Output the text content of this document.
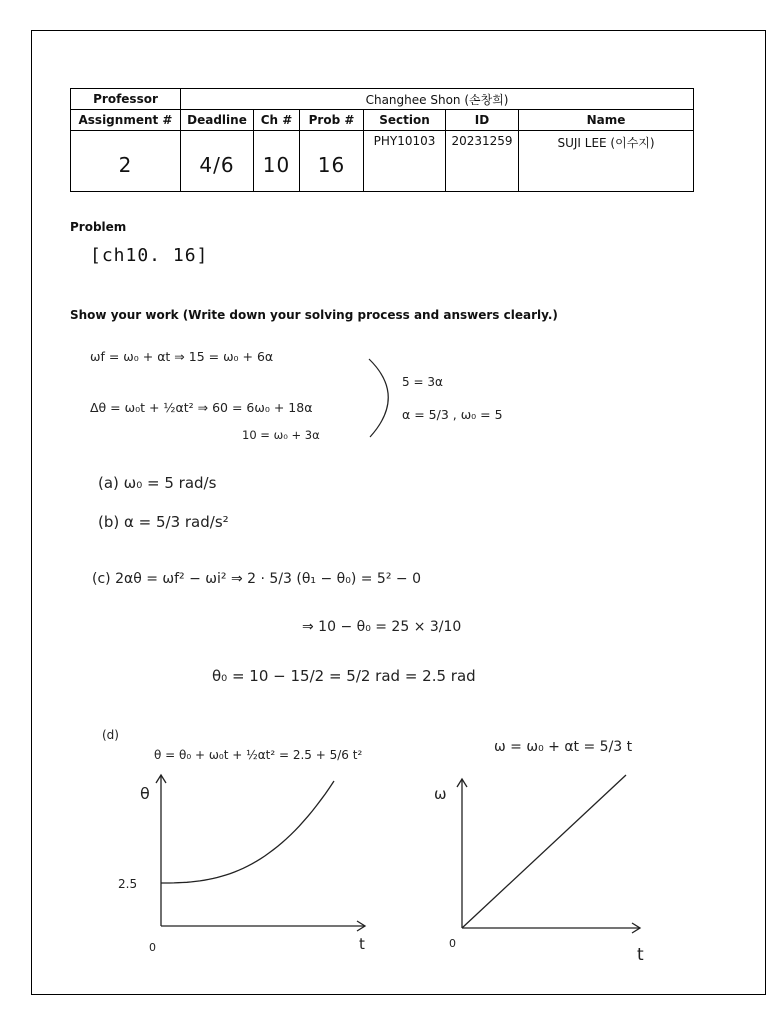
Professor	Changhee Shon (손창희)					
Assignment #	Deadline	Ch #	Prob #	Section	ID	Name

2	4/6	10	16	PHY10103	20231259	SUJI LEE (이수지)
Problem
Show your work (Write down your solving process and answers clearly.)
[ch10. 16]
ωf = ω₀ + αt ⇒ 15 = ω₀ + 6α
Δθ = ω₀t + ½αt² ⇒ 60 = 6ω₀ + 18α
10 = ω₀ + 3α
5 = 3α
α = 5/3 , ω₀ = 5
(a) ω₀ = 5 rad/s
(b) α = 5/3 rad/s²
(c) 2αθ = ωf² − ωi² ⇒ 2 · 5/3 (θ₁ − θ₀) = 5² − 0
⇒ 10 − θ₀ = 25 × 3/10
θ₀ = 10 − 15/2 = 5/2 rad = 2.5 rad
(d)
θ = θ₀ + ω₀t + ½αt² = 2.5 + 5/6 t²	ω = ω₀ + αt = 5/3 t
θ
t
0
2.5
ω
t
0
